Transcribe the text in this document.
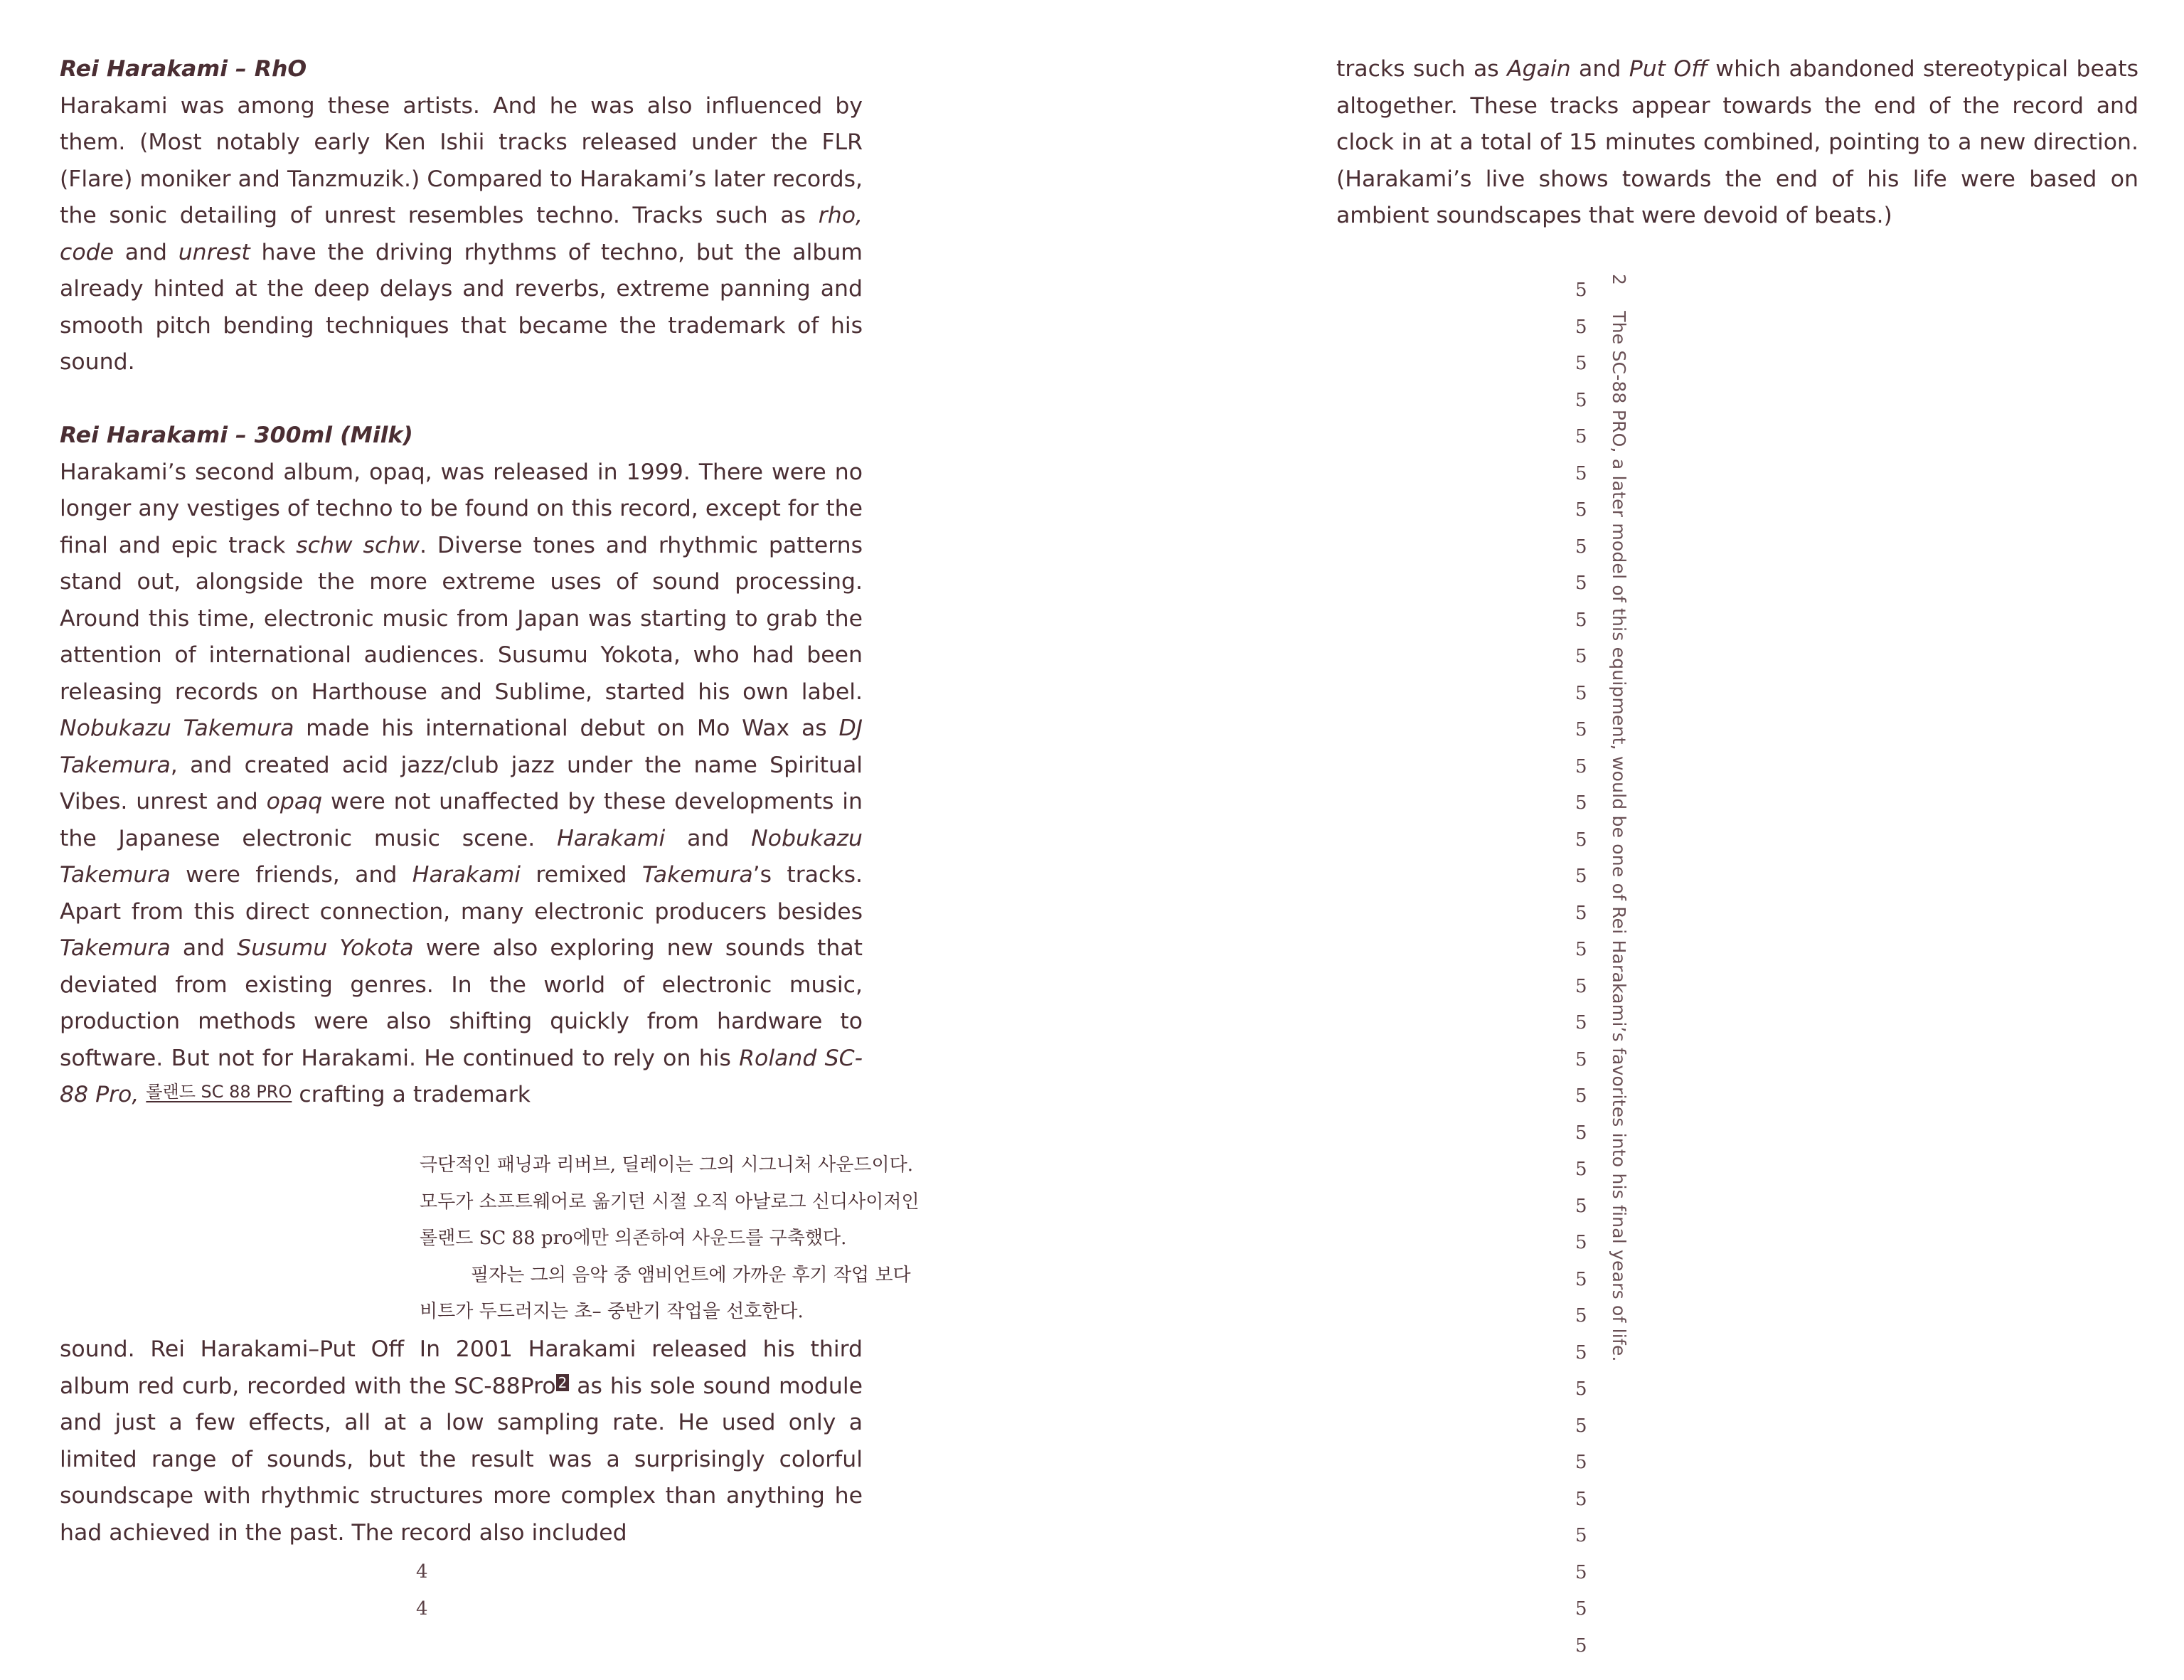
Rei Harakami – RhO

Harakami was among these artists. And he was also influenced by them. (Most notably early Ken Ishii tracks released under the FLR (Flare) moniker and Tanzmuzik.) Compared to Harakami’s later records, the sonic detailing of unrest resembles techno. Tracks such as rho, code and unrest have the driving rhythms of techno, but the album already hinted at the deep delays and reverbs, extreme panning and smooth pitch bending techniques that became the trademark of his sound.

Rei Harakami – 300ml (Milk)

Harakami’s second album, opaq, was released in 1999. There were no longer any vestiges of techno to be found on this record, except for the final and epic track schw schw. Diverse tones and rhythmic patterns stand out, alongside the more extreme uses of sound processing. Around this time, electronic music from Japan was starting to grab the attention of international audiences. Susumu Yokota, who had been releasing records on Harthouse and Sublime, started his own label. Nobukazu Takemura made his international debut on Mo Wax as DJ Takemura, and created acid jazz/club jazz under the name Spiritual Vibes. unrest and opaq were not unaffected by these developments in the Japanese electronic music scene. Harakami and Nobukazu Takemura were friends, and Harakami remixed Takemura’s tracks. Apart from this direct connection, many electronic producers besides Takemura and Susumu Yokota were also exploring new sounds that deviated from existing genres. In the world of electronic music, production methods were also shifting quickly from hardware to software. But not for Harakami. He continued to rely on his Roland SC-88 Pro, 롤랜드 SC 88 PRO crafting a trademark

극단적인 패닝과 리버브, 딜레이는 그의 시그니처 사운드이다.
모두가 소프트웨어로 옮기던 시절 오직 아날로그 신디사이저인
롤랜드 SC 88 pro에만 의존하여 사운드를 구축했다.
필자는 그의 음악 중 앰비언트에 가까운 후기 작업 보다
비트가 두드러지는 초– 중반기 작업을 선호한다.

sound. Rei Harakami–Put Off In 2001 Harakami released his third album red curb, recorded with the SC-88Pro 2 as his sole sound module and just a few effects, all at a low sampling rate. He used only a limited range of sounds, but the result was a surprisingly colorful soundscape with rhythmic structures more complex than anything he had achieved in the past. The record also included

4
4

tracks such as Again and Put Off which abandoned stereotypical beats altogether. These tracks appear towards the end of the record and clock in at a total of 15 minutes combined, pointing to a new direction. (Harakami’s live shows towards the end of his life were based on ambient soundscapes that were devoid of beats.)

5
5
5
5
5
5
5
5
5
5
5
5
5
5
5
5
5
5
5
5
5
5
5
5
5
5
5
5
5
5
5
5
5
5
5
5
5
5
2 The SC-88 PRO, a later model of this equipment, would be one of Rei Harakami’s favorites into his final years of life.
